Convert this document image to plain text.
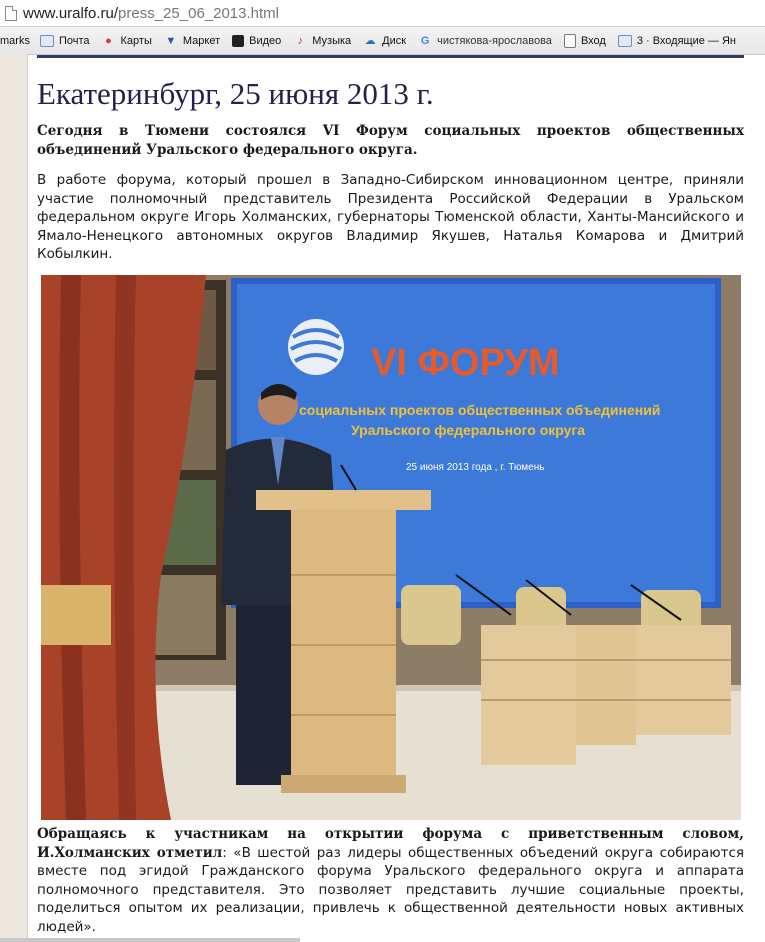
www.uralfo.ru/press_25_06_2013.html
marks	Почта	● Карты ▼ Маркет	Видео	♪ Музыка ☁ Диск G чистякова-ярославова	Вход	3 · Входящие — Ян
Екатеринбург, 25 июня 2013 г.

Сегодня в Тюмени состоялся VI Форум социальных проектов общественных объединений Уральского федерального округа.

В работе форума, который прошел в Западно-Сибирском инновационном центре, приняли участие полномочный представитель Президента Российской Федерации в Уральском федеральном округе Игорь Холманских, губернаторы Тюменской области, Ханты-Мансийского и Ямало-Ненецкого автономных округов Владимир Якушев, Наталья Комарова и Дмитрий Кобылкин.

VI ФОРУМ
социальных проектов общественных объединений
Уральского федерального округа
25 июня 2013 года , г. Тюмень
Обращаясь к участникам на открытии форума с приветственным словом, И.Холманских отметил: «В шестой раз лидеры общественных объедений округа собираются вместе под эгидой Гражданского форума Уральского федерального округа и аппарата полномочного представителя. Это позволяет представить лучшие социальные проекты, поделиться опытом их реализации, привлечь к общественной деятельности новых активных людей».
